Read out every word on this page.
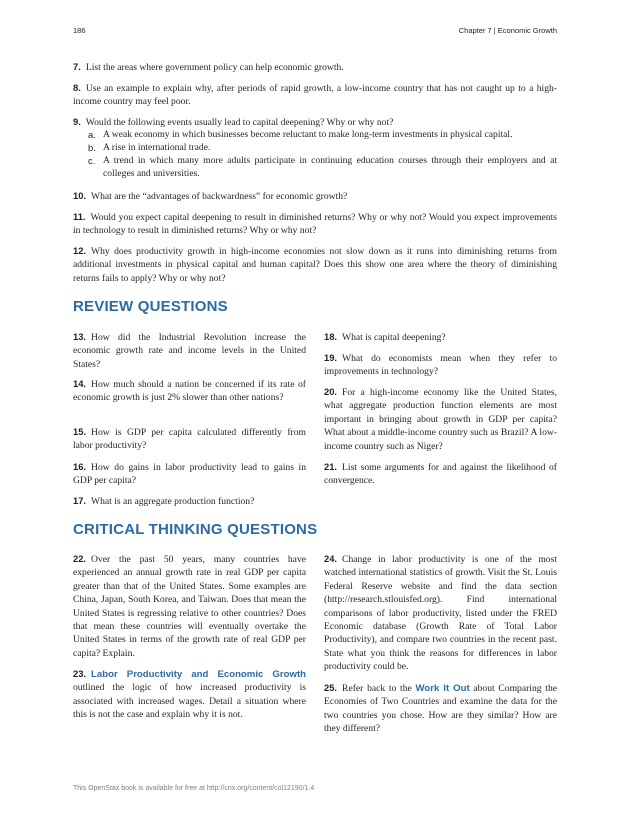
186	Chapter 7 | Economic Growth
7. List the areas where government policy can help economic growth.
8. Use an example to explain why, after periods of rapid growth, a low-income country that has not caught up to a high-income country may feel poor.
9. Would the following events usually lead to capital deepening? Why or why not?
a. A weak economy in which businesses become reluctant to make long-term investments in physical capital.
b. A rise in international trade.
c. A trend in which many more adults participate in continuing education courses through their employers and at colleges and universities.
10. What are the “advantages of backwardness” for economic growth?
11. Would you expect capital deepening to result in diminished returns? Why or why not? Would you expect improvements in technology to result in diminished returns? Why or why not?
12. Why does productivity growth in high-income economies not slow down as it runs into diminishing returns from additional investments in physical capital and human capital? Does this show one area where the theory of diminishing returns fails to apply? Why or why not?
REVIEW QUESTIONS
13. How did the Industrial Revolution increase the economic growth rate and income levels in the United States?
14. How much should a nation be concerned if its rate of economic growth is just 2% slower than other nations?
15. How is GDP per capita calculated differently from labor productivity?
16. How do gains in labor productivity lead to gains in GDP per capita?
17. What is an aggregate production function?
18. What is capital deepening?
19. What do economists mean when they refer to improvements in technology?
20. For a high-income economy like the United States, what aggregate production function elements are most important in bringing about growth in GDP per capita? What about a middle-income country such as Brazil? A low-income country such as Niger?
21. List some arguments for and against the likelihood of convergence.
CRITICAL THINKING QUESTIONS
22. Over the past 50 years, many countries have experienced an annual growth rate in real GDP per capita greater than that of the United States. Some examples are China, Japan, South Korea, and Taiwan. Does that mean the United States is regressing relative to other countries? Does that mean these countries will eventually overtake the United States in terms of the growth rate of real GDP per capita? Explain.
23. Labor Productivity and Economic Growth outlined the logic of how increased productivity is associated with increased wages. Detail a situation where this is not the case and explain why it is not.
24. Change in labor productivity is one of the most watched international statistics of growth. Visit the St. Louis Federal Reserve website and find the data section (http://research.stlouisfed.org). Find international comparisons of labor productivity, listed under the FRED Economic database (Growth Rate of Total Labor Productivity), and compare two countries in the recent past. State what you think the reasons for differences in labor productivity could be.
25. Refer back to the Work It Out about Comparing the Economies of Two Countries and examine the data for the two countries you chose. How are they similar? How are they different?
This OpenStax book is available for free at http://cnx.org/content/col12190/1.4
